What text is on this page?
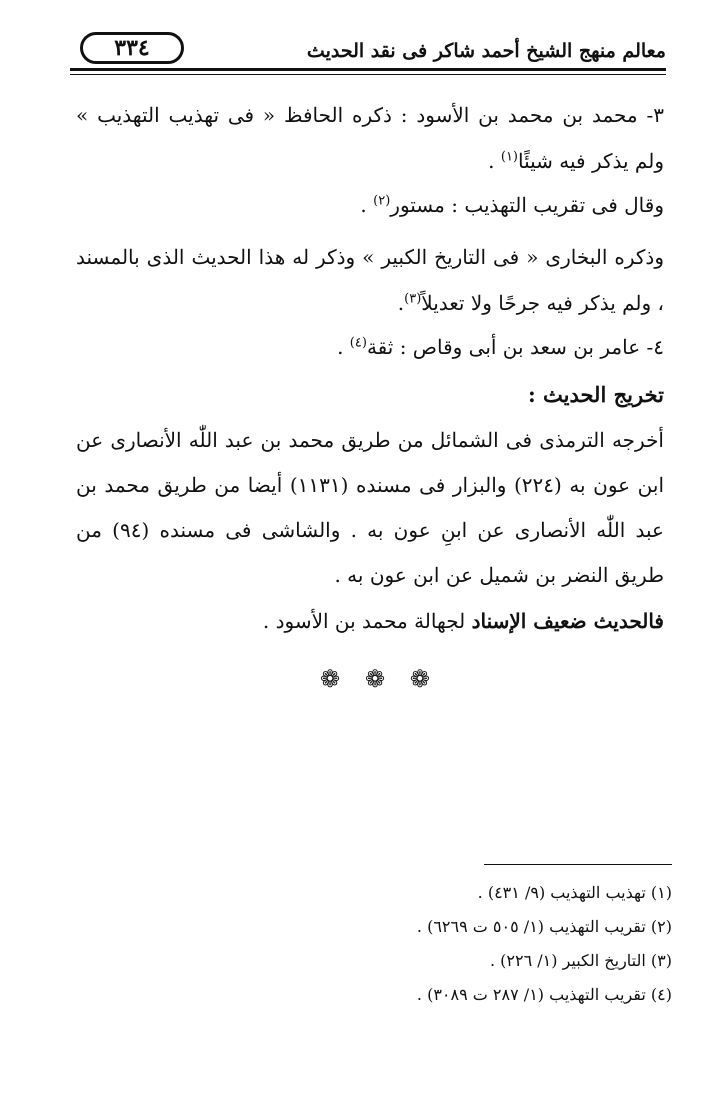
٣٣٤	معالم منهج الشيخ أحمد شاكر فى نقد الحديث
٣- محمد بن محمد بن الأسود : ذكره الحافظ « فى تهذيب التهذيب » ولم يذكر فيه شيئًا$^{(١)}$ .
وقال فى تقريب التهذيب : مستور$^{(٢)}$ .
وذكره البخارى « فى التاريخ الكبير » وذكر له هذا الحديث الذى بالمسند ، ولم يذكر فيه جرحًا ولا تعديلاً$^{(٣)}$.
٤- عامر بن سعد بن أبى وقاص : ثقة$^{(٤)}$ .
تخريج الحديث :
أخرجه الترمذى فى الشمائل من طريق محمد بن عبد اللّٰه الأنصارى عن ابن عون به (٢٢٤) والبزار فى مسنده (١١٣١) أيضا من طريق محمد بن عبد اللّٰه الأنصارى عن ابنِ عون به . والشاشى فى مسنده (٩٤) من طريق النضر بن شميل عن ابن عون به .
فالحديث ضعيف الإسناد لجهالة محمد بن الأسود .
❁ ❁ ❁
(١) تهذيب التهذيب (٩/ ٤٣١) .
(٢) تقريب التهذيب (١/ ٥٠٥ ت ٦٢٦٩) .
(٣) التاريخ الكبير (١/ ٢٢٦) .
(٤) تقريب التهذيب (١/ ٢٨٧ ت ٣٠٨٩) .
